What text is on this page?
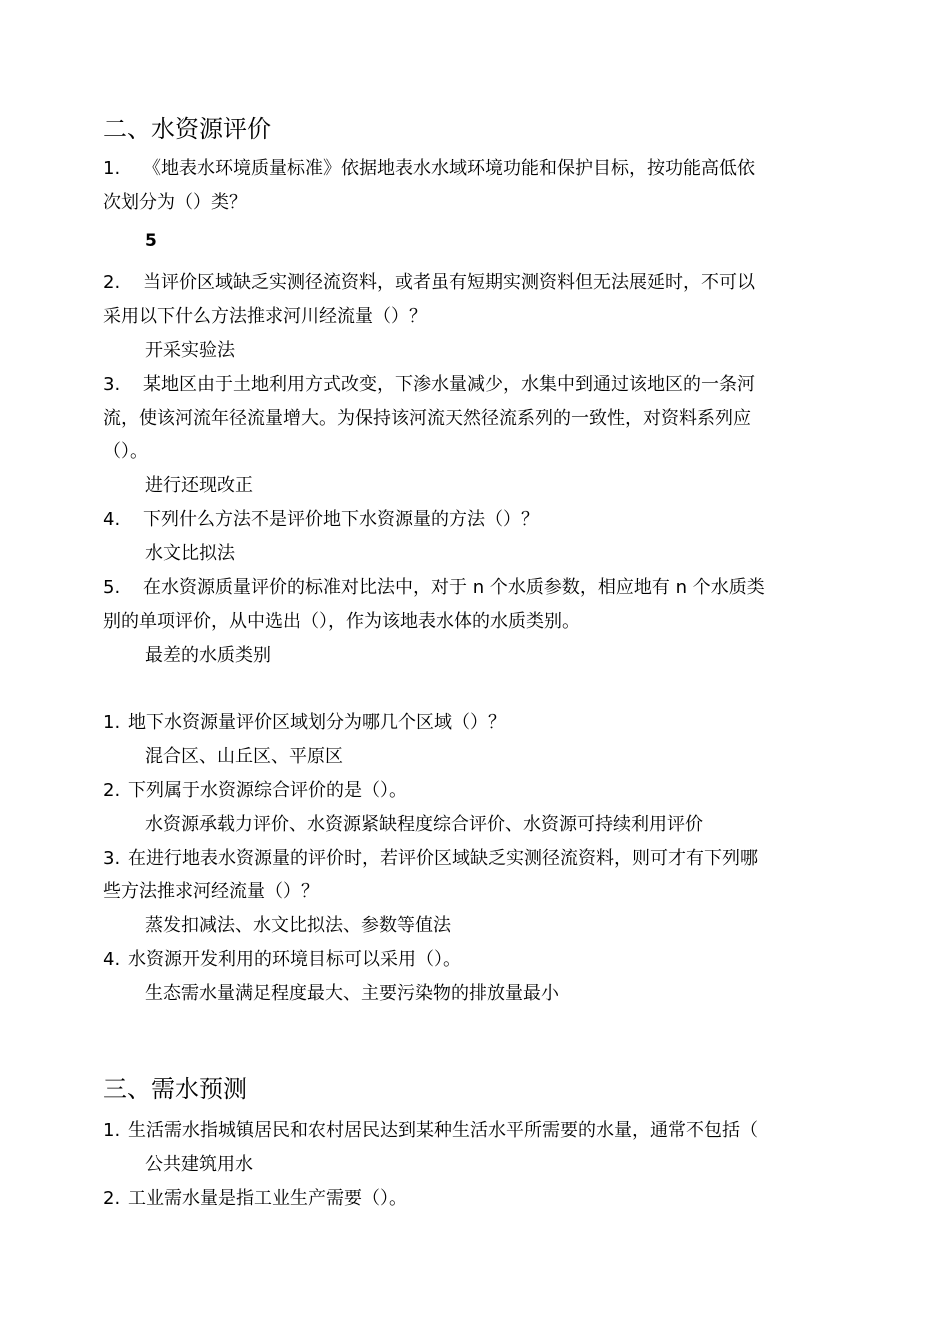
二、水资源评价
1. 《地表水环境质量标准》依据地表水水域环境功能和保护目标，按功能高低依
次划分为（）类？
5
2. 当评价区域缺乏实测径流资料，或者虽有短期实测资料但无法展延时，不可以
采用以下什么方法推求河川经流量（）？
开采实验法
3. 某地区由于土地利用方式改变，下渗水量减少，水集中到通过该地区的一条河
流，使该河流年径流量增大。为保持该河流天然径流系列的一致性，对资料系列应
（）。
进行还现改正
4. 下列什么方法不是评价地下水资源量的方法（）？
水文比拟法
5. 在水资源质量评价的标准对比法中，对于 n 个水质参数，相应地有 n 个水质类
别的单项评价，从中选出（），作为该地表水体的水质类别。
最差的水质类别
1. 地下水资源量评价区域划分为哪几个区域（）？
混合区、山丘区、平原区
2. 下列属于水资源综合评价的是（）。
水资源承载力评价、水资源紧缺程度综合评价、水资源可持续利用评价
3. 在进行地表水资源量的评价时，若评价区域缺乏实测径流资料，则可才有下列哪
些方法推求河经流量（）？
蒸发扣减法、水文比拟法、参数等值法
4. 水资源开发利用的环境目标可以采用（）。
生态需水量满足程度最大、主要污染物的排放量最小
三、需水预测
1. 生活需水指城镇居民和农村居民达到某种生活水平所需要的水量，通常不包括（
公共建筑用水
2. 工业需水量是指工业生产需要（）。
